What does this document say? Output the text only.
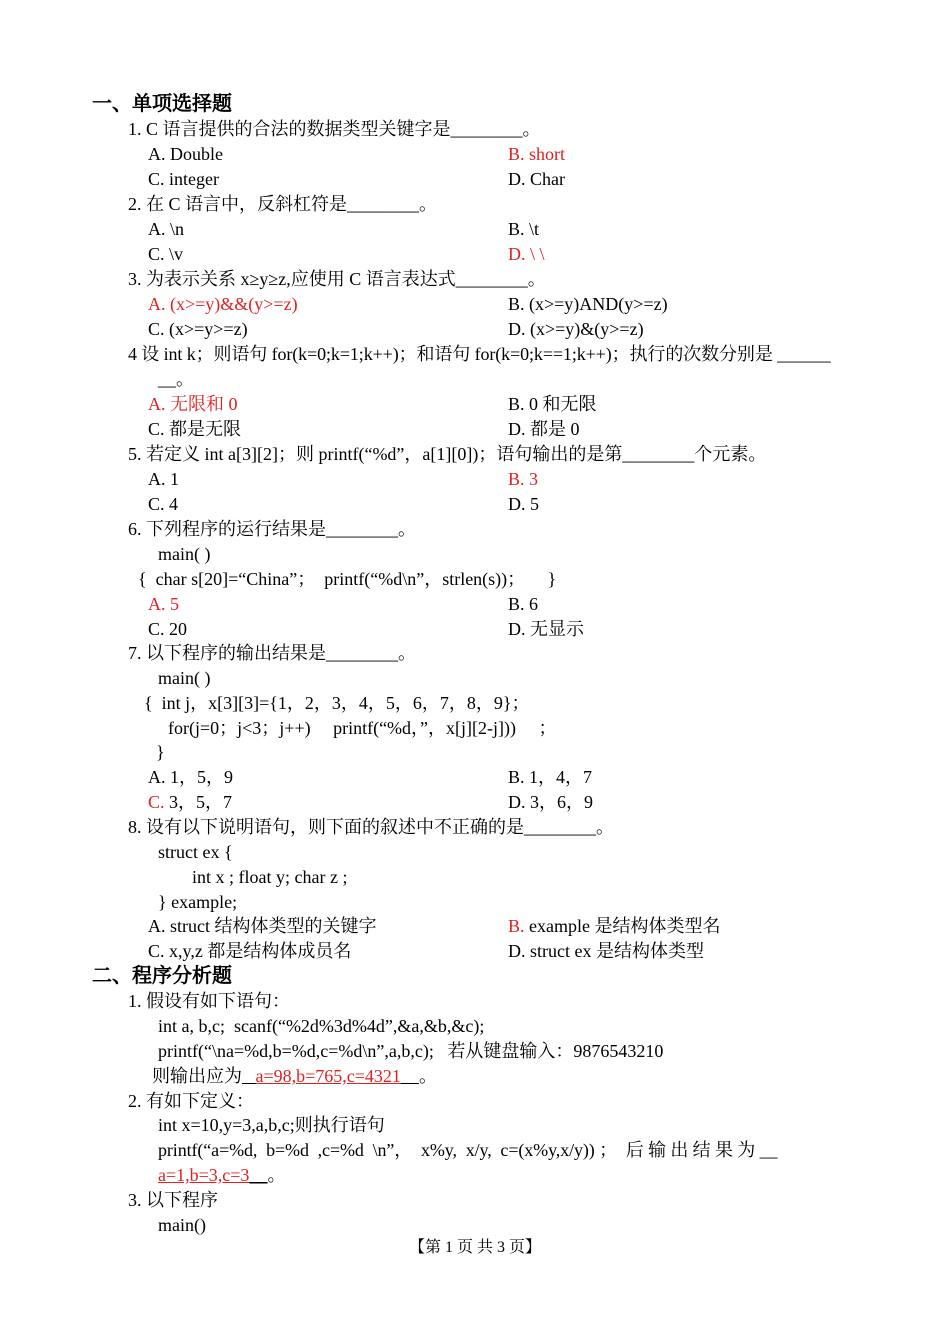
一、单项选择题
1. C 语言提供的合法的数据类型关键字是________。
A. Double	B. short
C. integer	D. Char
2. 在 C 语言中，反斜杠符是________。
A. \n	B. \t
C. \v	D. \ \
3. 为表示关系 x≥y≥z,应使用 C 语言表达式________。
A. (x>=y)&&(y>=z)	B. (x>=y)AND(y>=z)
C. (x>=y>=z)	D. (x>=y)&(y>=z)
4 设 int k；则语句 for(k=0;k=1;k++)；和语句 for(k=0;k==1;k++)；执行的次数分别是 ______
__。
A. 无限和 0	B. 0 和无限
C. 都是无限	D. 都是 0
5. 若定义 int a[3][2]；则 printf(“%d”，a[1][0])；语句输出的是第________个元素。
A. 1	B. 3
C. 4	D. 5
6. 下列程序的运行结果是________。
main( )
{  char s[20]=“China”；  printf(“%d\n”，strlen(s))；     }
A. 5	B. 6
C. 20	D. 无显示
7. 以下程序的输出结果是________。
main( )
{  int j，x[3][3]={1，2，3，4，5，6，7，8，9}；
for(j=0；j<3；j++)     printf(“%d，”，x[j][2-j]))     ；
}
A. 1，5，9	B. 1，4，7
C. 3，5，7	D. 3，6，9
8. 设有以下说明语句，则下面的叙述中不正确的是________。
struct ex {
int x ; float y; char z ;
} example;
A. struct 结构体类型的关键字	B. example 是结构体类型名
C. x,y,z 都是结构体成员名	D. struct ex 是结构体类型
二、程序分析题
1. 假设有如下语句：
int a, b,c;  scanf(“%2d%3d%4d”,&a,&b,&c);
printf(“\na=%d,b=%d,c=%d\n”,a,b,c);   若从键盘输入：9876543210
则输出应为 a=98,b=765,c=4321 。
2. 有如下定义：
int x=10,y=3,a,b,c;则执行语句
printf(“a=%d,  b=%d  ,c=%d  \n”，  x%y,  x/y,  c=(x%y,x/y)) ；  后 输 出 结 果 为 __
a=1,b=3,c=3__。
3. 以下程序
main()
【第 1 页 共 3 页】
